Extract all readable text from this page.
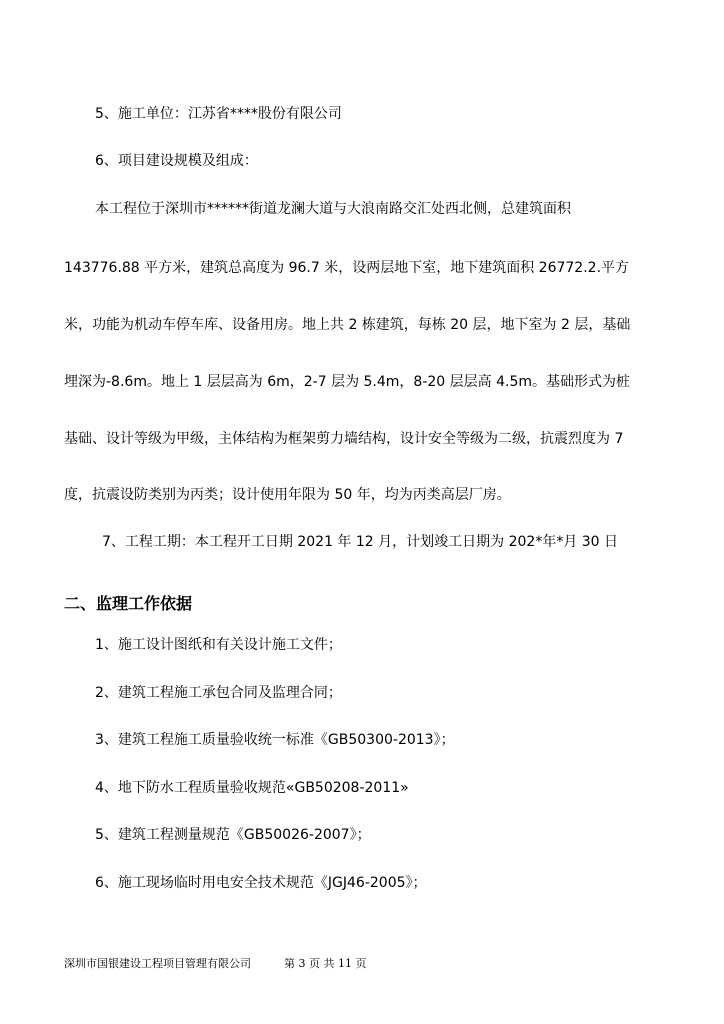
5、施工单位：江苏省****股份有限公司
6、项目建设规模及组成：
本工程位于深圳市******街道龙澜大道与大浪南路交汇处西北侧，总建筑面积
143776.88 平方米，建筑总高度为 96.7 米，设两层地下室，地下建筑面积 26772.2.平方
米，功能为机动车停车库、设备用房。地上共 2 栋建筑，每栋 20 层，地下室为 2 层，基础
埋深为-8.6m。地上 1 层层高为 6m，2-7 层为 5.4m，8-20 层层高 4.5m。基础形式为桩
基础、设计等级为甲级，主体结构为框架剪力墙结构，设计安全等级为二级，抗震烈度为 7
度，抗震设防类别为丙类；设计使用年限为 50 年，均为丙类高层厂房。
7、工程工期：本工程开工日期 2021 年 12 月，计划竣工日期为 202*年*月 30 日
二、监理工作依据
1、施工设计图纸和有关设计施工文件；
2、建筑工程施工承包合同及监理合同；
3、建筑工程施工质量验收统一标准《GB50300-2013》；
4、地下防水工程质量验收规范«GB50208-2011»
5、建筑工程测量规范《GB50026-2007》；
6、施工现场临时用电安全技术规范《JGJ46-2005》；
深圳市国银建设工程项目管理有限公司	第 3 页 共 11 页
